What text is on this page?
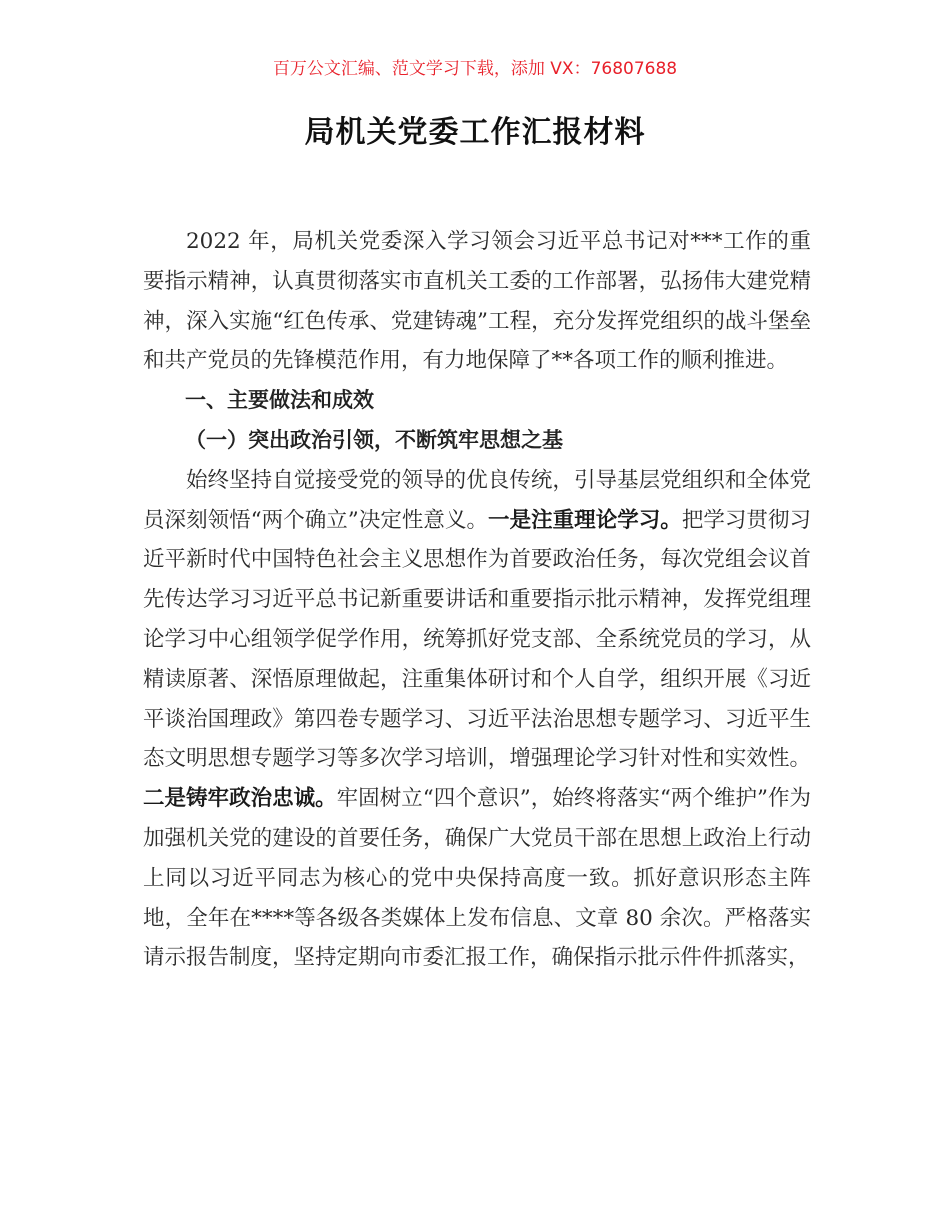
百万公文汇编、范文学习下载，添加 VX：76807688
局机关党委工作汇报材料

2022 年，局机关党委深入学习领会习近平总书记对***工作的重要指示精神，认真贯彻落实市直机关工委的工作部署，弘扬伟大建党精神，深入实施“红色传承、党建铸魂”工程，充分发挥党组织的战斗堡垒和共产党员的先锋模范作用，有力地保障了**各项工作的顺利推进。

一、主要做法和成效

（一）突出政治引领，不断筑牢思想之基

始终坚持自觉接受党的领导的优良传统，引导基层党组织和全体党员深刻领悟“两个确立”决定性意义。一是注重理论学习。把学习贯彻习近平新时代中国特色社会主义思想作为首要政治任务，每次党组会议首先传达学习习近平总书记新重要讲话和重要指示批示精神，发挥党组理论学习中心组领学促学作用，统筹抓好党支部、全系统党员的学习，从精读原著、深悟原理做起，注重集体研讨和个人自学，组织开展《习近平谈治国理政》第四卷专题学习、习近平法治思想专题学习、习近平生态文明思想专题学习等多次学习培训，增强理论学习针对性和实效性。二是铸牢政治忠诚。牢固树立“四个意识”，始终将落实“两个维护”作为加强机关党的建设的首要任务，确保广大党员干部在思想上政治上行动上同以习近平同志为核心的党中央保持高度一致。抓好意识形态主阵地，全年在****等各级各类媒体上发布信息、文章 80 余次。严格落实请示报告制度，坚持定期向市委汇报工作，确保指示批示件件抓落实，
